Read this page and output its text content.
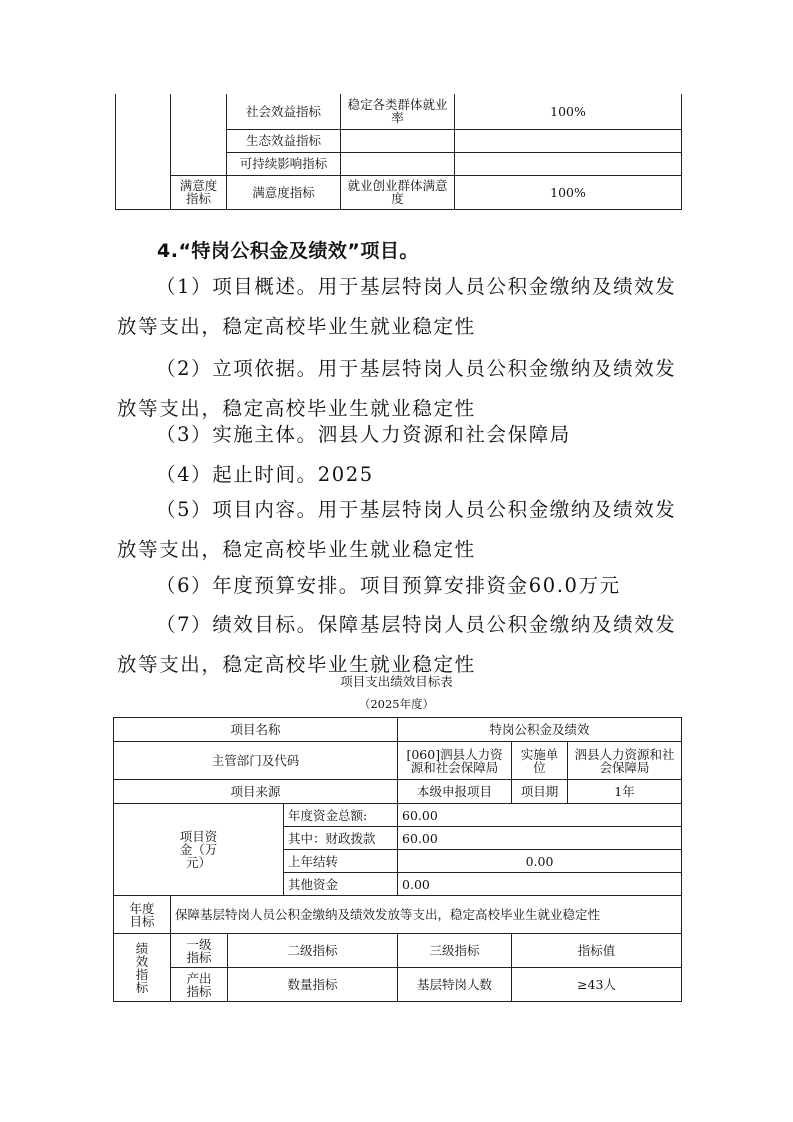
		社会效益指标	稳定各类群体就业率	100%
		生态效益指标		
		可持续影响指标		
	满意度指标	满意度指标	就业创业群体满意度	100%
4.“特岗公积金及绩效”项目。

（1）项目概述。用于基层特岗人员公积金缴纳及绩效发放等支出，稳定高校毕业生就业稳定性

（2）立项依据。用于基层特岗人员公积金缴纳及绩效发放等支出，稳定高校毕业生就业稳定性

（3）实施主体。泗县人力资源和社会保障局

（4）起止时间。2025

（5）项目内容。用于基层特岗人员公积金缴纳及绩效发放等支出，稳定高校毕业生就业稳定性

（6）年度预算安排。项目预算安排资金60.0万元

（7）绩效目标。保障基层特岗人员公积金缴纳及绩效发放等支出，稳定高校毕业生就业稳定性

项目支出绩效目标表
（2025年度）
项目名称				特岗公积金及绩效		
主管部门及代码				[060]泗县人力资源和社会保障局	实施单位	泗县人力资源和社会保障局
项目来源				本级申报项目	项目期	1年
项目资金（万元）			年度资金总额:	60.00		
			其中：财政拨款	60.00		
			上年结转	0.00		
			其他资金	0.00		
年度目标	保障基层特岗人员公积金缴纳及绩效发放等支出，稳定高校毕业生就业稳定性					
绩效指标	一级指标	二级指标		三级指标	指标值	
	产出指标	数量指标		基层特岗人数	≥43人	
